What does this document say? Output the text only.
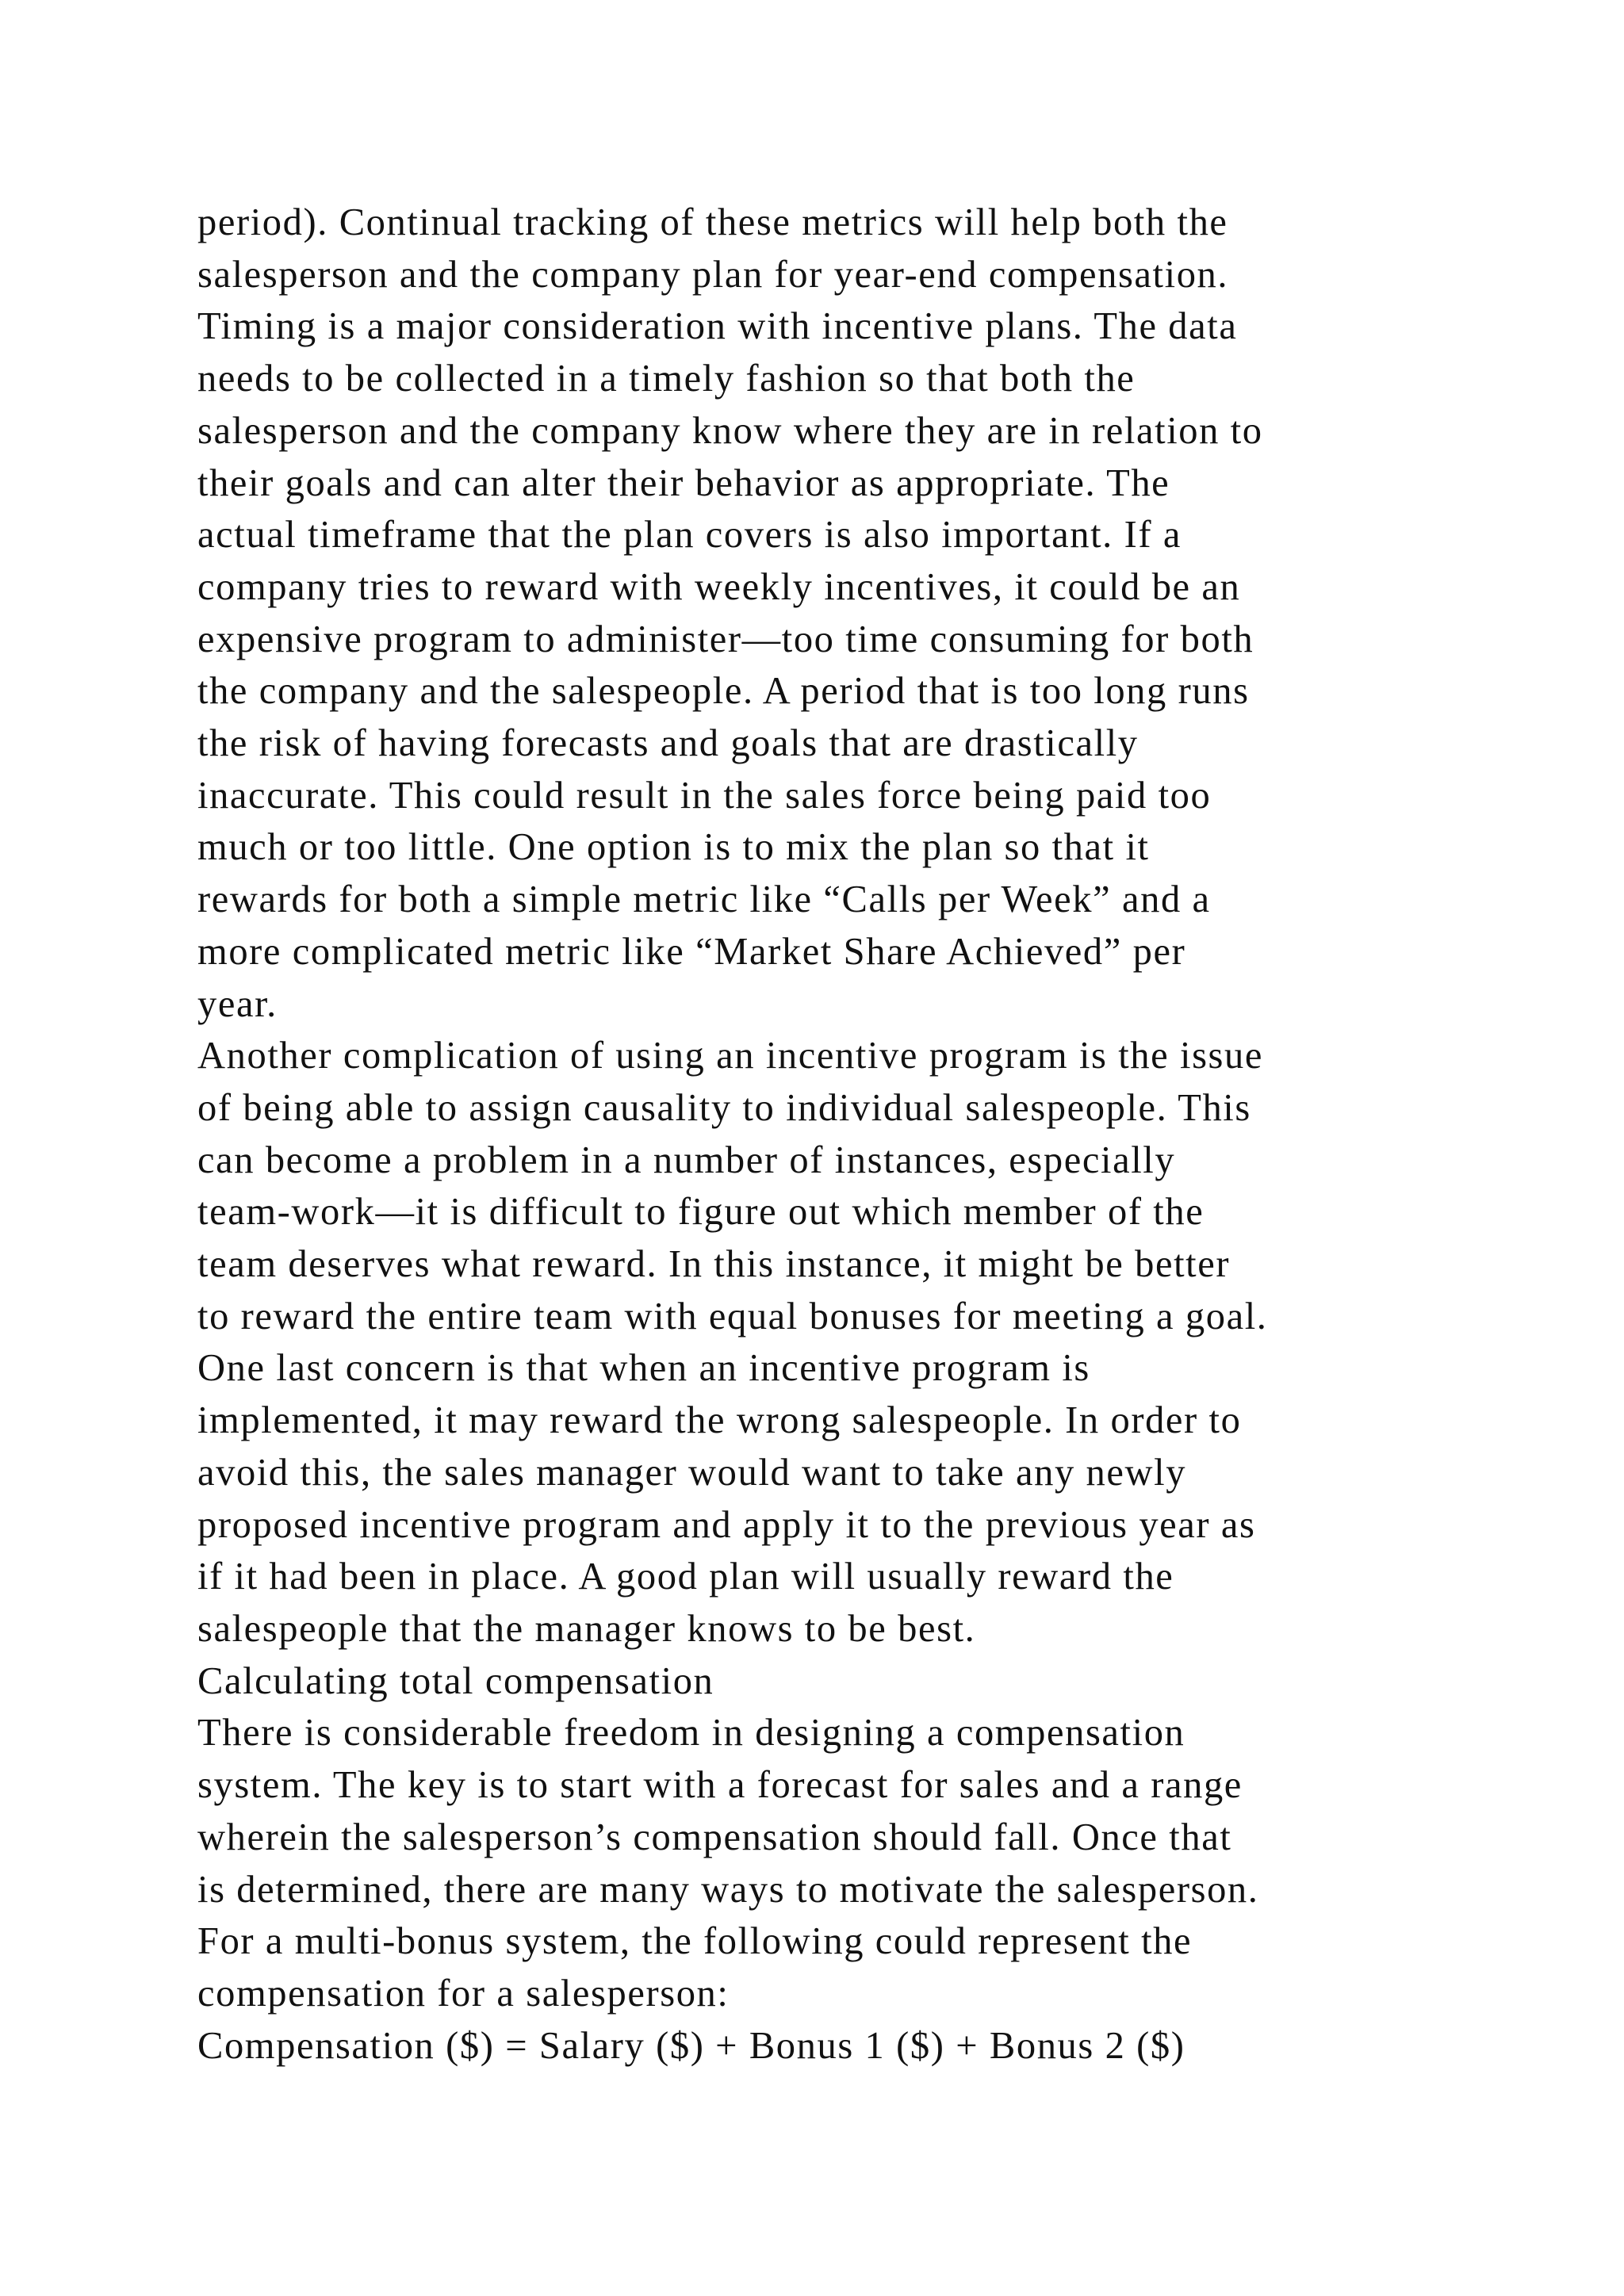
period). Continual tracking of these metrics will help both the
salesperson and the company plan for year-end compensation.
Timing is a major consideration with incentive plans. The data
needs to be collected in a timely fashion so that both the
salesperson and the company know where they are in relation to
their goals and can alter their behavior as appropriate. The
actual timeframe that the plan covers is also important. If a
company tries to reward with weekly incentives, it could be an
expensive program to administer—too time consuming for both
the company and the salespeople. A period that is too long runs
the risk of having forecasts and goals that are drastically
inaccurate. This could result in the sales force being paid too
much or too little. One option is to mix the plan so that it
rewards for both a simple metric like “Calls per Week” and a
more complicated metric like “Market Share Achieved” per
year.
Another complication of using an incentive program is the issue
of being able to assign causality to individual salespeople. This
can become a problem in a number of instances, especially
team-work—it is difficult to figure out which member of the
team deserves what reward. In this instance, it might be better
to reward the entire team with equal bonuses for meeting a goal.
One last concern is that when an incentive program is
implemented, it may reward the wrong salespeople. In order to
avoid this, the sales manager would want to take any newly
proposed incentive program and apply it to the previous year as
if it had been in place. A good plan will usually reward the
salespeople that the manager knows to be best.
Calculating total compensation
There is considerable freedom in designing a compensation
system. The key is to start with a forecast for sales and a range
wherein the salesperson’s compensation should fall. Once that
is determined, there are many ways to motivate the salesperson.
For a multi-bonus system, the following could represent the
compensation for a salesperson:
Compensation ($) = Salary ($) + Bonus 1 ($) + Bonus 2 ($)
